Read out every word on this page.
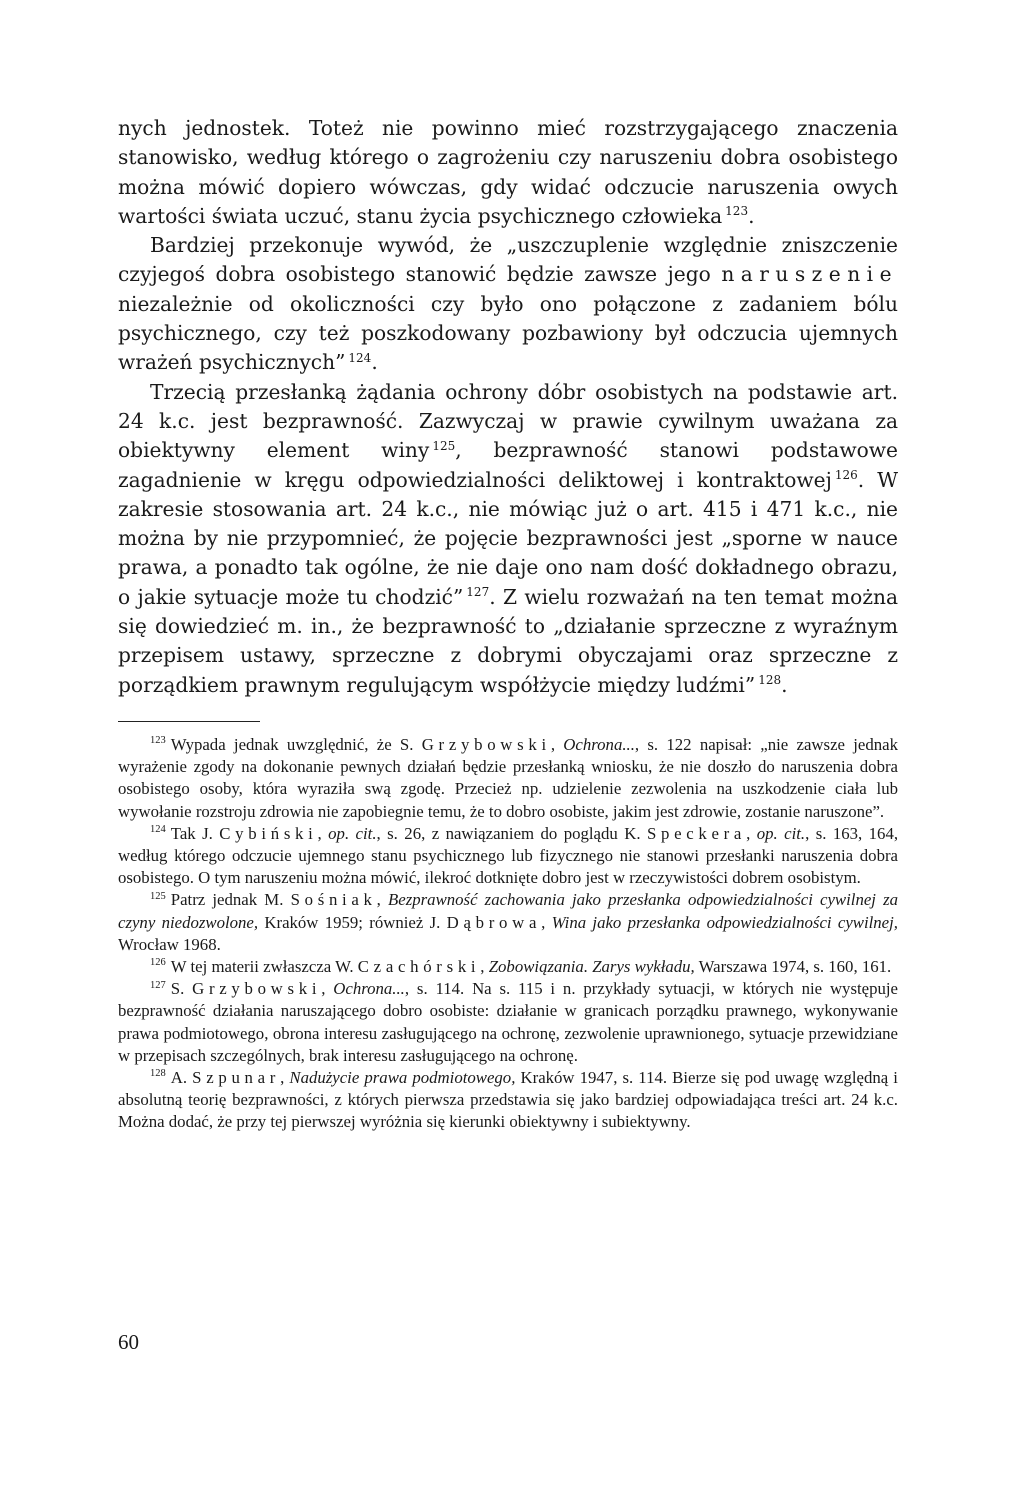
nych jednostek. Toteż nie powinno mieć rozstrzygającego znaczenia stanowisko, według którego o zagrożeniu czy naruszeniu dobra osobistego można mówić dopiero wówczas, gdy widać odczucie naruszenia owych wartości świata uczuć, stanu życia psychicznego człowieka $^{123}$.

Bardziej przekonuje wywód, że „uszczuplenie względnie zniszczenie czyjegoś dobra osobistego stanowić będzie zawsze jego naruszenie niezależnie od okoliczności czy było ono połączone z zadaniem bólu psychicznego, czy też poszkodowany pozbawiony był odczucia ujemnych wrażeń psychicznych” $^{124}$.

Trzecią przesłanką żądania ochrony dóbr osobistych na podstawie art. 24 k.c. jest bezprawność. Zazwyczaj w prawie cywilnym uważana za obiektywny element winy $^{125}$, bezprawność stanowi podstawowe zagadnienie w kręgu odpowiedzialności deliktowej i kontraktowej $^{126}$. W zakresie stosowania art. 24 k.c., nie mówiąc już o art. 415 i 471 k.c., nie można by nie przypomnieć, że pojęcie bezprawności jest „sporne w nauce prawa, a ponadto tak ogólne, że nie daje ono nam dość dokładnego obrazu, o jakie sytuacje może tu chodzić” $^{127}$. Z wielu rozważań na ten temat można się dowiedzieć m. in., że bezprawność to „działanie sprzeczne z wyraźnym przepisem ustawy, sprzeczne z dobrymi obyczajami oraz sprzeczne z porządkiem prawnym regulującym współżycie między ludźmi” $^{128}$.

$^{123}$ Wypada jednak uwzględnić, że S. Grzybowski, Ochrona..., s. 122 napisał: „nie zawsze jednak wyrażenie zgody na dokonanie pewnych działań będzie przesłanką wniosku, że nie doszło do naruszenia dobra osobistego osoby, która wyraziła swą zgodę. Przecież np. udzielenie zezwolenia na uszkodzenie ciała lub wywołanie rozstroju zdrowia nie zapobiegnie temu, że to dobro osobiste, jakim jest zdrowie, zostanie naruszone”.

$^{124}$ Tak J. Cybiński, op. cit., s. 26, z nawiązaniem do poglądu K. Speckera, op. cit., s. 163, 164, według którego odczucie ujemnego stanu psychicznego lub fizycznego nie stanowi przesłanki naruszenia dobra osobistego. O tym naruszeniu można mówić, ilekroć dotknięte dobro jest w rzeczywistości dobrem osobistym.

$^{125}$ Patrz jednak M. Sośniak, Bezprawność zachowania jako przesłanka odpowiedzialności cywilnej za czyny niedozwolone, Kraków 1959; również J. Dąbrowa, Wina jako przesłanka odpowiedzialności cywilnej, Wrocław 1968.

$^{126}$ W tej materii zwłaszcza W. Czachórski, Zobowiązania. Zarys wykładu, Warszawa 1974, s. 160, 161.

$^{127}$ S. Grzybowski, Ochrona..., s. 114. Na s. 115 i n. przykłady sytuacji, w których nie występuje bezprawność działania naruszającego dobro osobiste: działanie w granicach porządku prawnego, wykonywanie prawa podmiotowego, obrona interesu zasługującego na ochronę, zezwolenie uprawnionego, sytuacje przewidziane w przepisach szczególnych, brak interesu zasługującego na ochronę.

$^{128}$ A. Szpunar, Nadużycie prawa podmiotowego, Kraków 1947, s. 114. Bierze się pod uwagę względną i absolutną teorię bezprawności, z których pierwsza przedstawia się jako bardziej odpowiadająca treści art. 24 k.c. Można dodać, że przy tej pierwszej wyróżnia się kierunki obiektywny i subiektywny.

60
